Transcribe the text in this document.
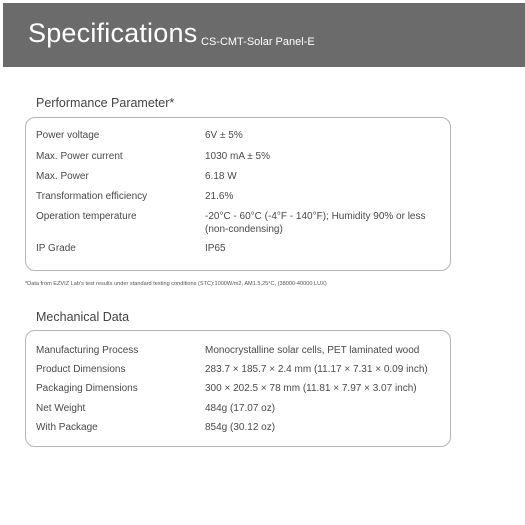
Specifications CS-CMT-Solar Panel-E
Performance Parameter*
Power voltage	6V ± 5%
Max. Power current	1030 mA ± 5%
Max. Power	6.18 W
Transformation efficiency	21.6%
Operation temperature	-20°C - 60°C (-4°F - 140°F); Humidity 90% or less (non-condensing)
IP Grade	IP65
*Data from EZVIZ Lab's test results under standard testing conditions (STC):1000W/m2, AM1.5,25°C, (38000-40000 LUX)
Mechanical Data
Manufacturing Process	Monocrystalline solar cells, PET laminated wood
Product Dimensions	283.7 × 185.7 × 2.4 mm (11.17 × 7.31 × 0.09 inch)
Packaging Dimensions	300 × 202.5 × 78 mm (11.81 × 7.97 × 3.07 inch)
Net Weight	484g (17.07 oz)
With Package	854g (30.12 oz)
